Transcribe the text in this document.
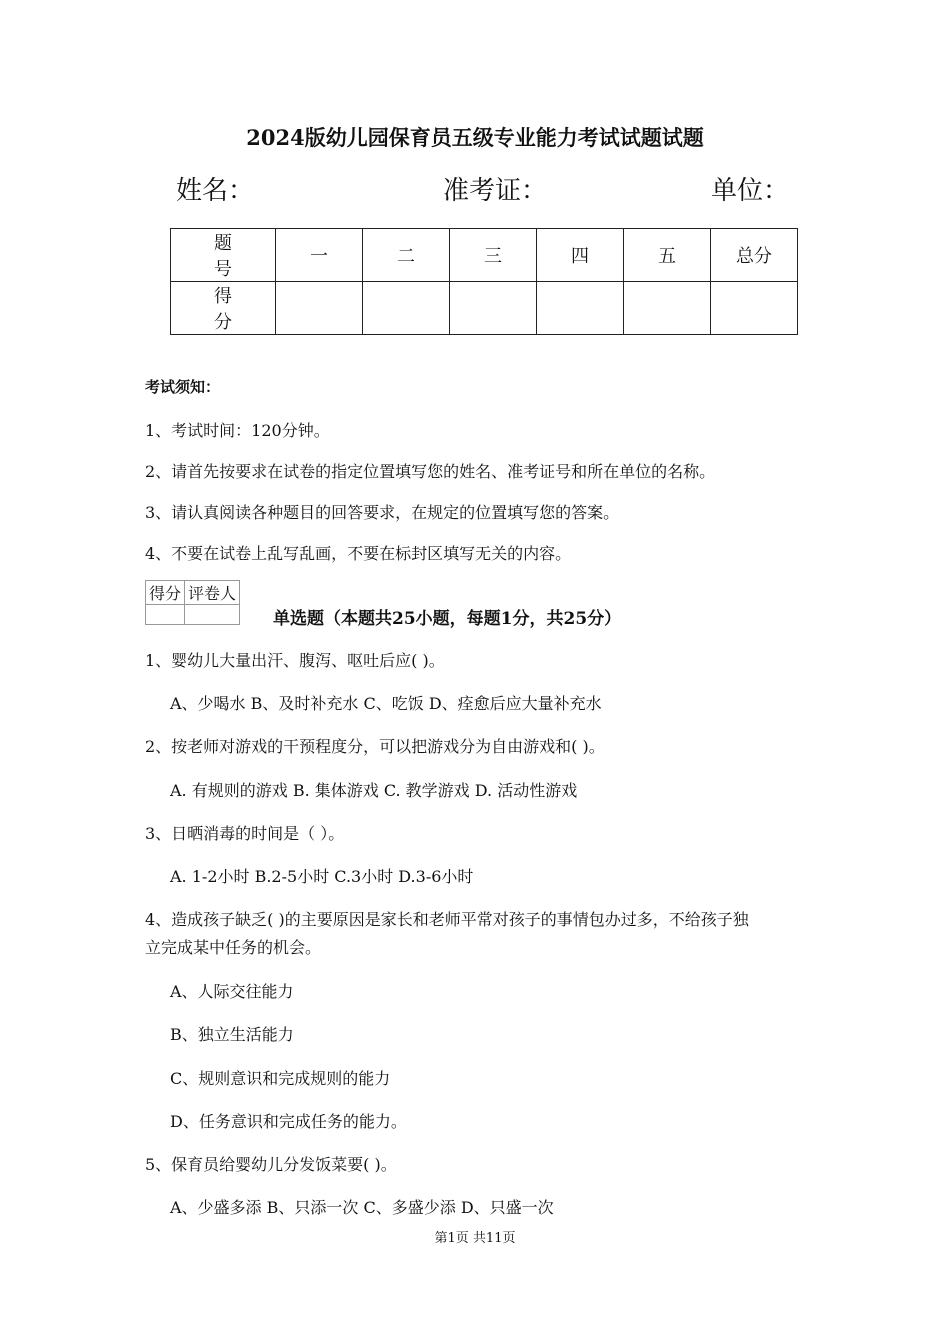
2024版幼儿园保育员五级专业能力考试试题试题
姓名：	准考证：	单位：
题　号	一	二	三	四	五	总分
得　分						
考试须知：
1、考试时间：120分钟。
2、请首先按要求在试卷的指定位置填写您的姓名、准考证号和所在单位的名称。
3、请认真阅读各种题目的回答要求，在规定的位置填写您的答案。
4、不要在试卷上乱写乱画，不要在标封区填写无关的内容。
得分	评卷人

单选题（本题共25小题，每题1分，共25分）
1、婴幼儿大量出汗、腹泻、呕吐后应( )。
A、少喝水 B、及时补充水 C、吃饭 D、痊愈后应大量补充水
2、按老师对游戏的干预程度分，可以把游戏分为自由游戏和( )。
A. 有规则的游戏 B. 集体游戏 C. 教学游戏 D. 活动性游戏
3、日晒消毒的时间是（ ）。
A. 1-2小时 B.2-5小时 C.3小时 D.3-6小时
4、造成孩子缺乏( )的主要原因是家长和老师平常对孩子的事情包办过多，不给孩子独
立完成某中任务的机会。
A、人际交往能力
B、独立生活能力
C、规则意识和完成规则的能力
D、任务意识和完成任务的能力。
5、保育员给婴幼儿分发饭菜要( )。
A、少盛多添 B、只添一次 C、多盛少添 D、只盛一次
第1页 共11页
